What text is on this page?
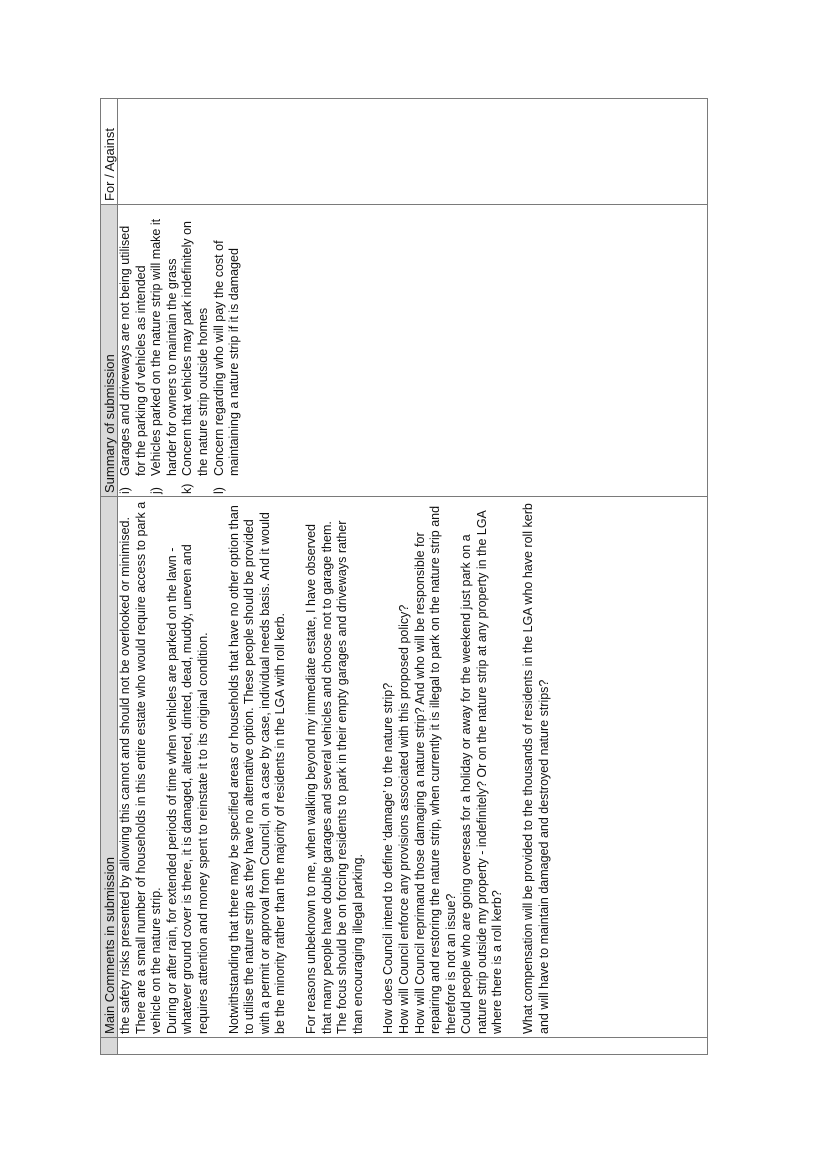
Main Comments in submission
Summary of submission
For / Against
the safety risks presented by allowing this cannot and should not be overlooked or minimised. There are a small number of households in this entire estate who would require access to park a vehicle on the nature strip. During or after rain, for extended periods of time when vehicles are parked on the lawn - whatever ground cover is there, it is damaged, altered, dinted, dead, muddy, uneven and requires attention and money spent to reinstate it to its original condition. Notwithstanding that there may be specified areas or households that have no other option than to utilise the nature strip as they have no alternative option. These people should be provided with a permit or approval from Council, on a case by case, individual needs basis. And it would be the minority rather than the majority of residents in the LGA with roll kerb. For reasons unbeknown to me, when walking beyond my immediate estate, I have observed that many people have double garages and several vehicles and choose not to garage them. The focus should be on forcing residents to park in their empty garages and driveways rather than encouraging illegal parking. How does Council intend to define ‘damage’ to the nature strip? How will Council enforce any provisions associated with this proposed policy? How will Council reprimand those damaging a nature strip? And who will be responsible for repairing and restoring the nature strip, when currently it is illegal to park on the nature strip and therefore is not an issue? Could people who are going overseas for a holiday or away for the weekend just park on a nature strip outside my property - indefinitely? Or on the nature strip at any property in the LGA where there is a roll kerb? What compensation will be provided to the thousands of residents in the LGA who have roll kerb and will have to maintain damaged and destroyed nature strips?
i)
Garages and driveways are not being utilised for the parking of vehicles as intended
j)
Vehicles parked on the nature strip will make it harder for owners to maintain the grass
k)
Concern that vehicles may park indefinitely on the nature strip outside homes
l)
Concern regarding who will pay the cost of maintaining a nature strip if it is damaged
